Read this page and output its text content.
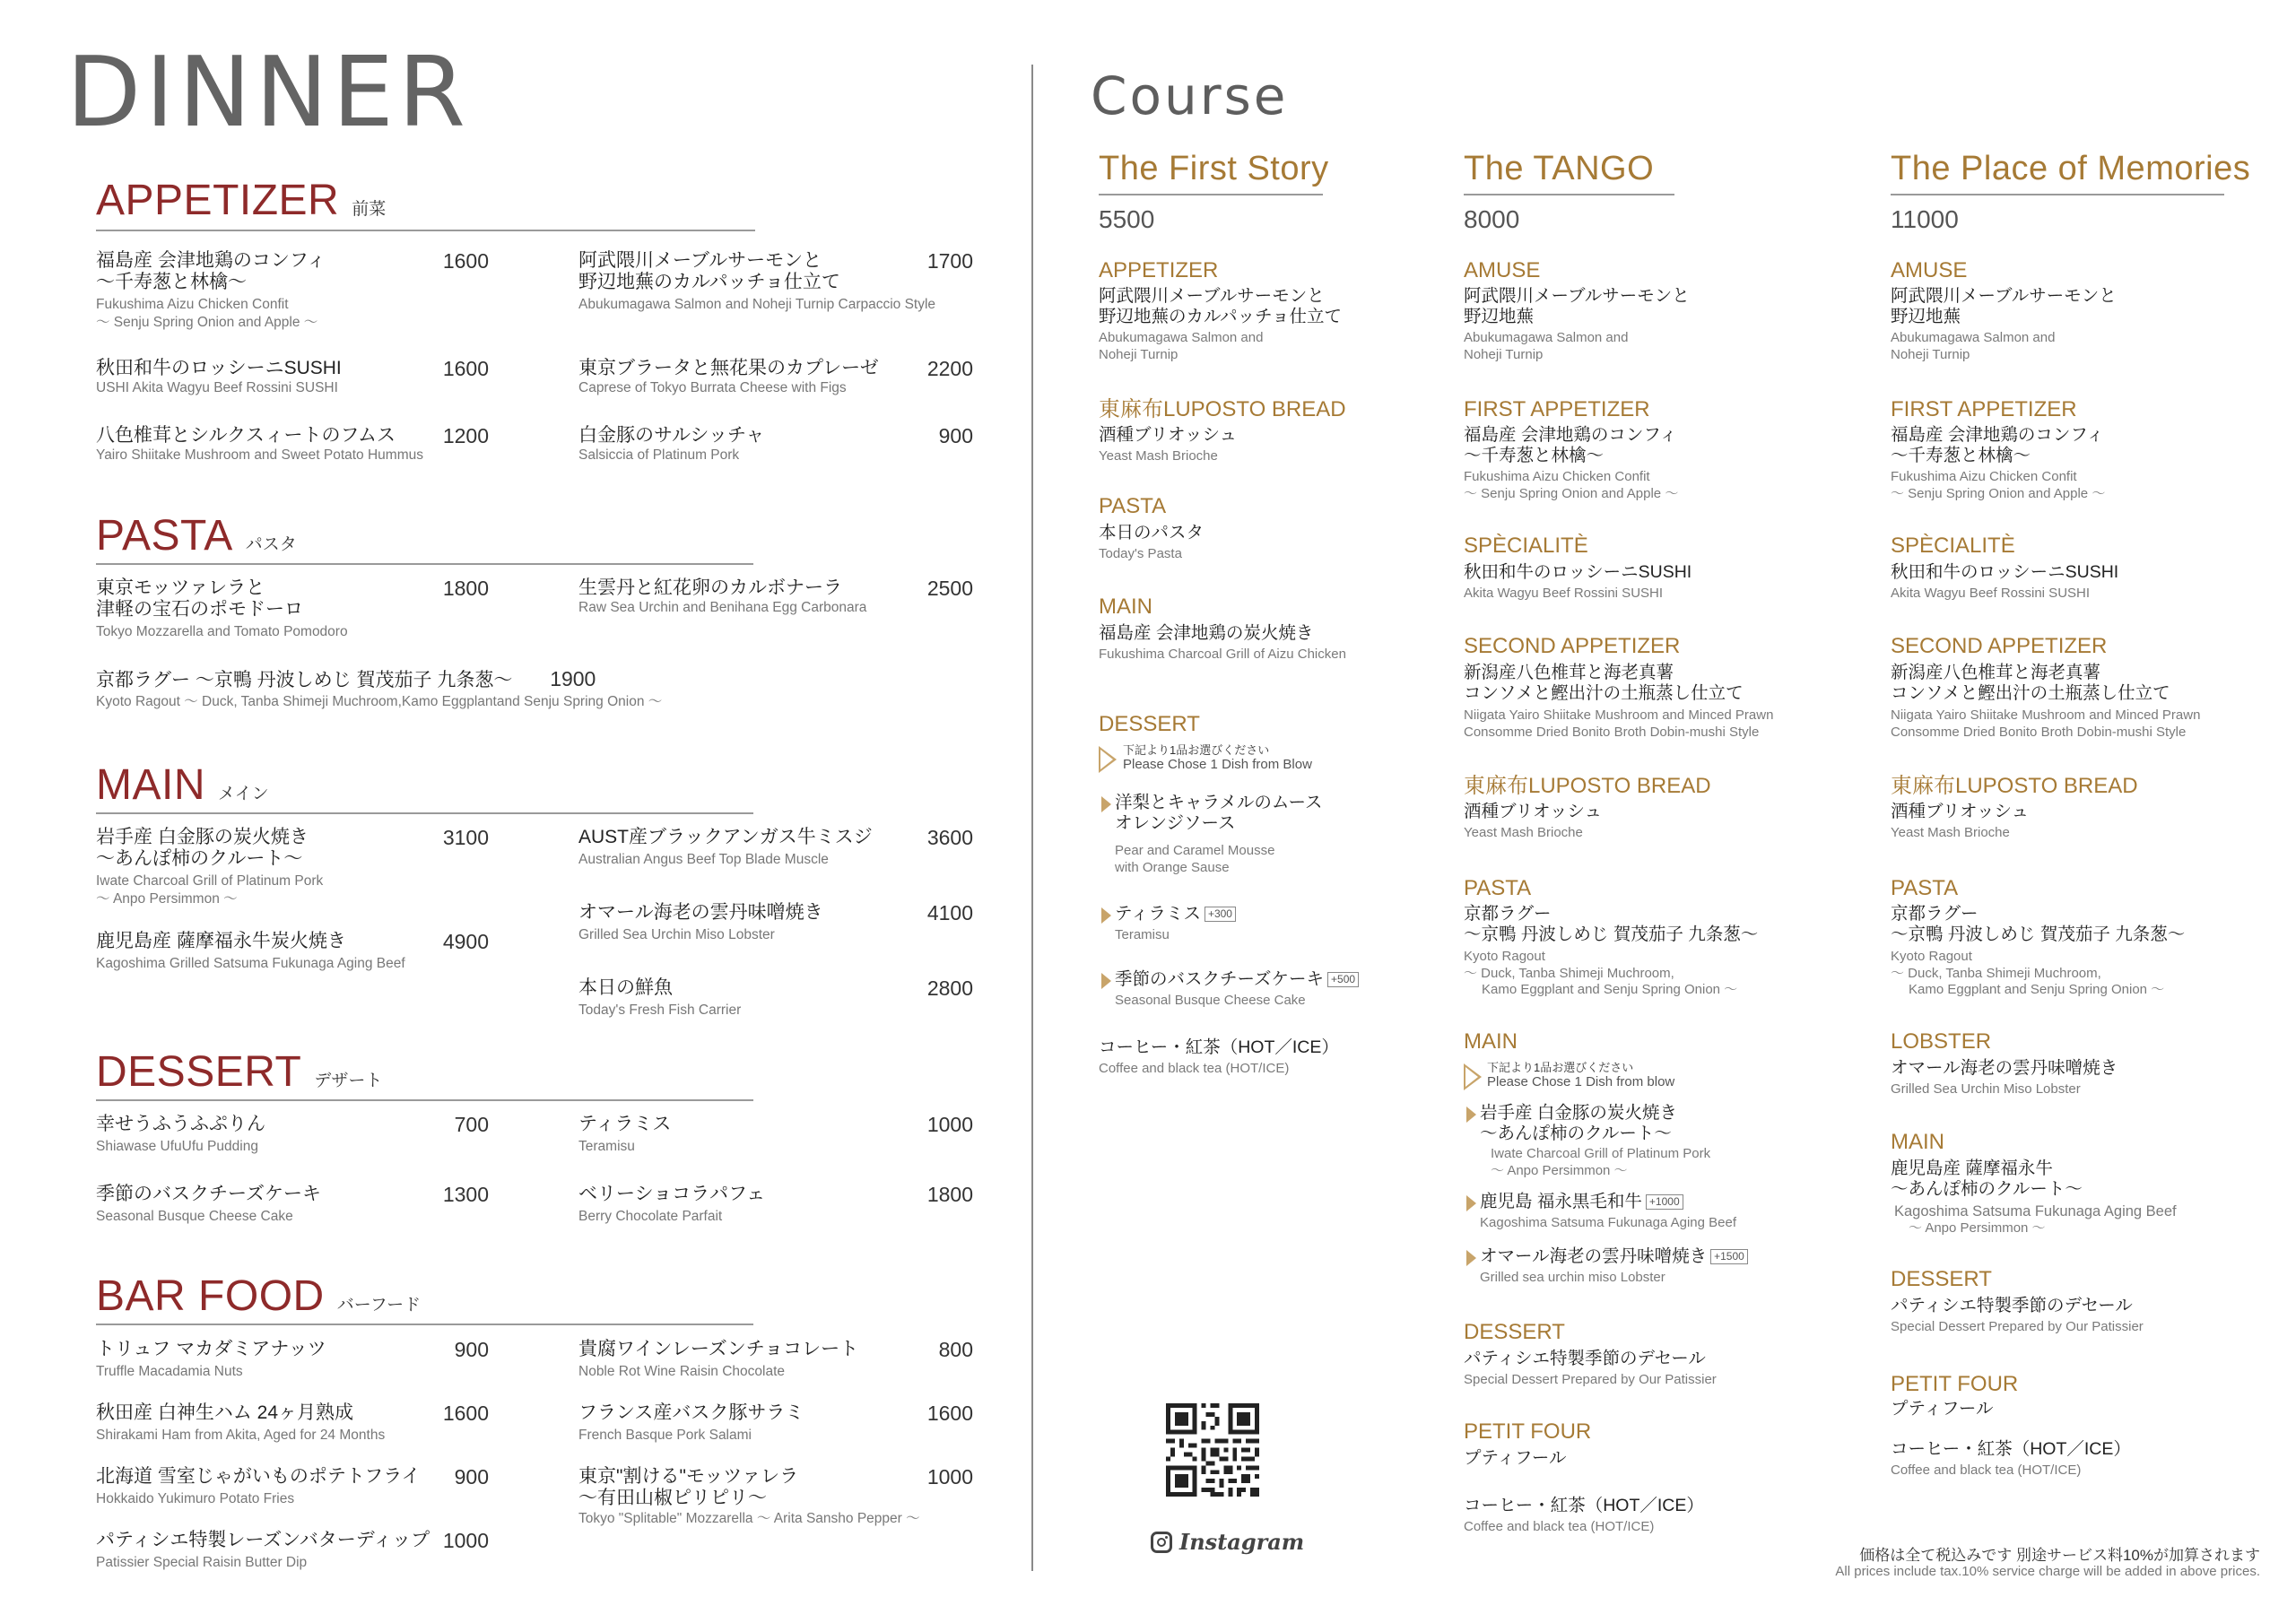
DINNER
APPETIZER 前菜
福島産 会津地鶏のコンフィ
～千寿葱と林檎～
Fukushima Aizu Chicken Confit
～ Senju Spring Onion and Apple ～
1600
秋田和牛のロッシーニSUSHI
USHI Akita Wagyu Beef Rossini SUSHI
1600
八色椎茸とシルクスィートのフムス
Yairo Shiitake Mushroom and Sweet Potato Hummus
1200
阿武隈川メーブルサーモンと
野辺地蕪のカルパッチョ仕立て
Abukumagawa Salmon and Noheji Turnip Carpaccio Style
1700
東京ブラータと無花果のカプレーゼ
Caprese of Tokyo Burrata Cheese with Figs
2200
白金豚のサルシッチャ
Salsiccia of Platinum Pork
900
PASTA パスタ
東京モッツァレラと
津軽の宝石のポモドーロ
Tokyo Mozzarella and Tomato Pomodoro
1800	生雲丹と紅花卵のカルボナーラ
Raw Sea Urchin and Benihana Egg Carbonara
2500
京都ラグー ～京鴨 丹波しめじ 賀茂茄子 九条葱～ 1900
Kyoto Ragout ～ Duck, Tanba Shimeji Muchroom,Kamo Eggplantand Senju Spring Onion ～
MAIN メイン
岩手産 白金豚の炭火焼き
～あんぽ柿のクルート～
Iwate Charcoal Grill of Platinum Pork
～ Anpo Persimmon ～
3100
鹿児島産 薩摩福永牛炭火焼き
Kagoshima Grilled Satsuma Fukunaga Aging Beef
4900
AUST産ブラックアンガス牛ミスジ
Australian Angus Beef Top Blade Muscle
3600
オマール海老の雲丹味噌焼き
Grilled Sea Urchin Miso Lobster
4100
本日の鮮魚
Today's Fresh Fish Carrier
2800
DESSERT デザート
幸せうふうふぷりん
Shiawase UfuUfu Pudding
700
季節のバスクチーズケーキ
Seasonal Busque Cheese Cake
1300
ティラミス
Teramisu
1000
ベリーショコラパフェ
Berry Chocolate Parfait
1800
BAR FOOD バーフード
トリュフ マカダミアナッツ
Truffle Macadamia Nuts
900
秋田産 白神生ハム 24ヶ月熟成
Shirakami Ham from Akita, Aged for 24 Months
1600
北海道 雪室じゃがいものポテトフライ
Hokkaido Yukimuro Potato Fries
900
パティシエ特製レーズンバターディップ
Patissier Special Raisin Butter Dip
1000
貴腐ワインレーズンチョコレート
Noble Rot Wine Raisin Chocolate
800
フランス産バスク豚サラミ
French Basque Pork Salami
1600
東京"割ける"モッツァレラ
～有田山椒ピリピリ～
Tokyo "Splitable" Mozzarella ～ Arita Sansho Pepper ～
1000
Course
The First Story
5500
APPETIZER
阿武隈川メーブルサーモンと
野辺地蕪のカルパッチョ仕立て
Abukumagawa Salmon and
Noheji Turnip
東麻布LUPOSTO BREAD
酒種ブリオッシュ
Yeast Mash Brioche
PASTA
本日のパスタ
Today's Pasta
MAIN
福島産 会津地鶏の炭火焼き
Fukushima Charcoal Grill of Aizu Chicken
DESSERT
下記より1品お選びください
Please Chose 1 Dish from Blow
洋梨とキャラメルのムース
オレンジソース
Pear and Caramel Mousse
with Orange Sause
ティラミス +300
Teramisu
季節のバスクチーズケーキ +500
Seasonal Busque Cheese Cake
コーヒー・紅茶（HOT／ICE）
Coffee and black tea (HOT/ICE)
The TANGO
8000
AMUSE
阿武隈川メーブルサーモンと
野辺地蕪
Abukumagawa Salmon and
Noheji Turnip
FIRST APPETIZER
福島産 会津地鶏のコンフィ
～千寿葱と林檎～
Fukushima Aizu Chicken Confit
～ Senju Spring Onion and Apple ～
SPÈCIALITÈ
秋田和牛のロッシーニSUSHI
Akita Wagyu Beef Rossini SUSHI
SECOND APPETIZER
新潟産八色椎茸と海老真薯
コンソメと鰹出汁の土瓶蒸し仕立て
Niigata Yairo Shiitake Mushroom and Minced Prawn
Consomme Dried Bonito Broth Dobin-mushi Style
東麻布LUPOSTO BREAD
酒種ブリオッシュ
Yeast Mash Brioche
PASTA
京都ラグー
～京鴨 丹波しめじ 賀茂茄子 九条葱～
Kyoto Ragout
～ Duck, Tanba Shimeji Muchroom,
Kamo Eggplant and Senju Spring Onion ～
MAIN
下記より1品お選びください
Please Chose 1 Dish from blow
岩手産 白金豚の炭火焼き
～あんぽ柿のクルート～
Iwate Charcoal Grill of Platinum Pork
～ Anpo Persimmon ～
鹿児島 福永黒毛和牛 +1000
Kagoshima Satsuma Fukunaga Aging Beef
オマール海老の雲丹味噌焼き +1500
Grilled sea urchin miso Lobster
DESSERT
パティシエ特製季節のデセール
Special Dessert Prepared by Our Patissier
PETIT FOUR
プティフール
コーヒー・紅茶（HOT／ICE）
Coffee and black tea (HOT/ICE)
The Place of Memories
11000
AMUSE
阿武隈川メーブルサーモンと
野辺地蕪
Abukumagawa Salmon and
Noheji Turnip
FIRST APPETIZER
福島産 会津地鶏のコンフィ
～千寿葱と林檎～
Fukushima Aizu Chicken Confit
～ Senju Spring Onion and Apple ～
SPÈCIALITÈ
秋田和牛のロッシーニSUSHI
Akita Wagyu Beef Rossini SUSHI
SECOND APPETIZER
新潟産八色椎茸と海老真薯
コンソメと鰹出汁の土瓶蒸し仕立て
Niigata Yairo Shiitake Mushroom and Minced Prawn
Consomme Dried Bonito Broth Dobin-mushi Style
東麻布LUPOSTO BREAD
酒種ブリオッシュ
Yeast Mash Brioche
PASTA
京都ラグー
～京鴨 丹波しめじ 賀茂茄子 九条葱～
Kyoto Ragout
～ Duck, Tanba Shimeji Muchroom,
Kamo Eggplant and Senju Spring Onion ～
LOBSTER
オマール海老の雲丹味噌焼き
Grilled Sea Urchin Miso Lobster
MAIN
鹿児島産 薩摩福永牛
～あんぽ柿のクルート～
Kagoshima Satsuma Fukunaga Aging Beef
～ Anpo Persimmon ～
DESSERT
パティシエ特製季節のデセール
Special Dessert Prepared by Our Patissier
PETIT FOUR
プティフール
コーヒー・紅茶（HOT／ICE）
Coffee and black tea (HOT/ICE)
Instagram
価格は全て税込みです 別途サービス料10%が加算されます
All prices include tax.10% service charge will be added in above prices.
